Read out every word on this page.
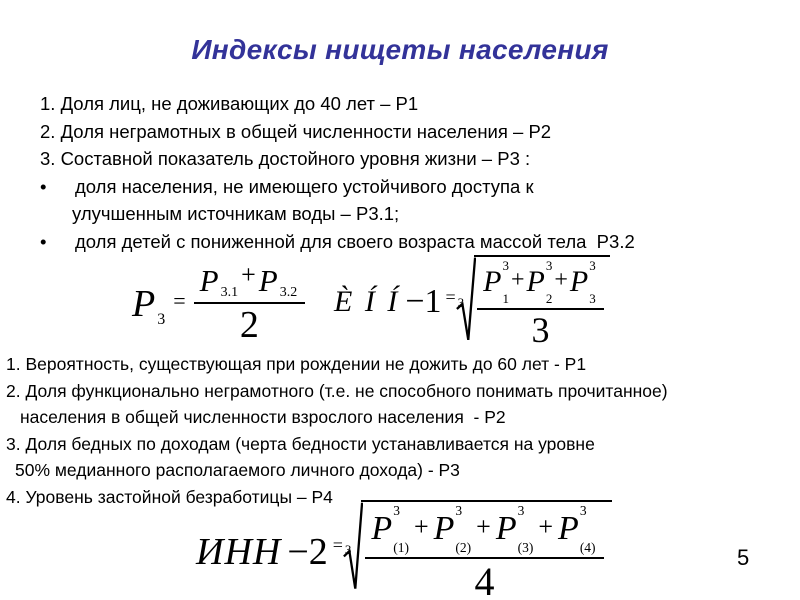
Индексы нищеты населения
1. Доля лиц, не доживающих до 40 лет – Р1
2. Доля неграмотных в общей численности населения – Р2
3. Составной показатель достойного уровня жизни – Р3 :
•	доля населения, не имеющего устойчивого доступа к
улучшенным источникам воды – Р3.1;
•	доля детей с пониженной для своего возраста массой тела  Р3.2
P 3
= P 3.1
+ P 3.2
2 È Í Í −1 = 3
P 3
1
+ P 3
2
+ P 3
3
3
1. Вероятность, существующая при рождении не дожить до 60 лет - Р1
2. Доля функционально неграмотного (т.е. не способного понимать прочитанное)
населения в общей численности взрослого населения  - Р2
3. Доля бедных по доходам (черта бедности устанавливается на уровне
50% медианного располагаемого личного дохода) - Р3
4. Уровень застойной безработицы – Р4
ИНН −2 = 3
P 3
(1)
+ P 3
(2)
+ P 3
(3)
+ P 3
(4)
4
5
